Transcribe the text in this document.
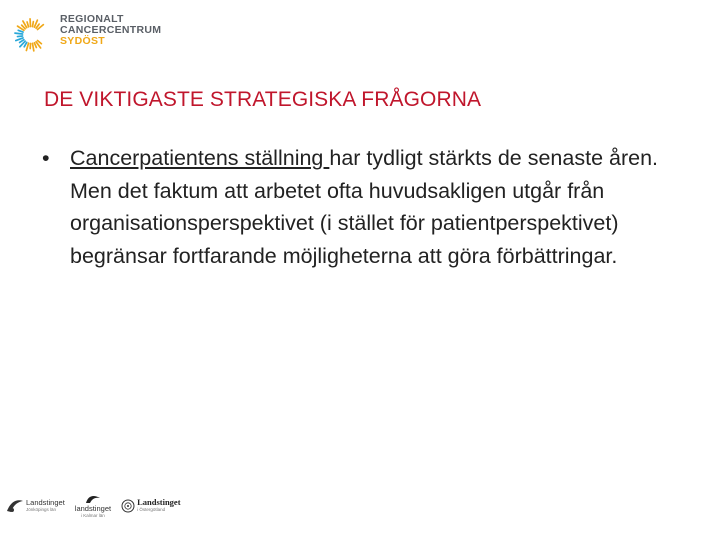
REGIONALT
CANCERCENTRUM
SYDÖST
DE VIKTIGASTE STRATEGISKA FRÅGORNA
• Cancerpatientens ställning har tydligt stärkts de senaste åren. Men det faktum att arbetet ofta huvudsakligen utgår från organisationsperspektivet (i stället för patientperspektivet) begränsar fortfarande möjligheterna att göra förbättringar.
Landstinget
Jönköpings län	landstinget
i Kalmar län
Landstinget
i Östergötland
